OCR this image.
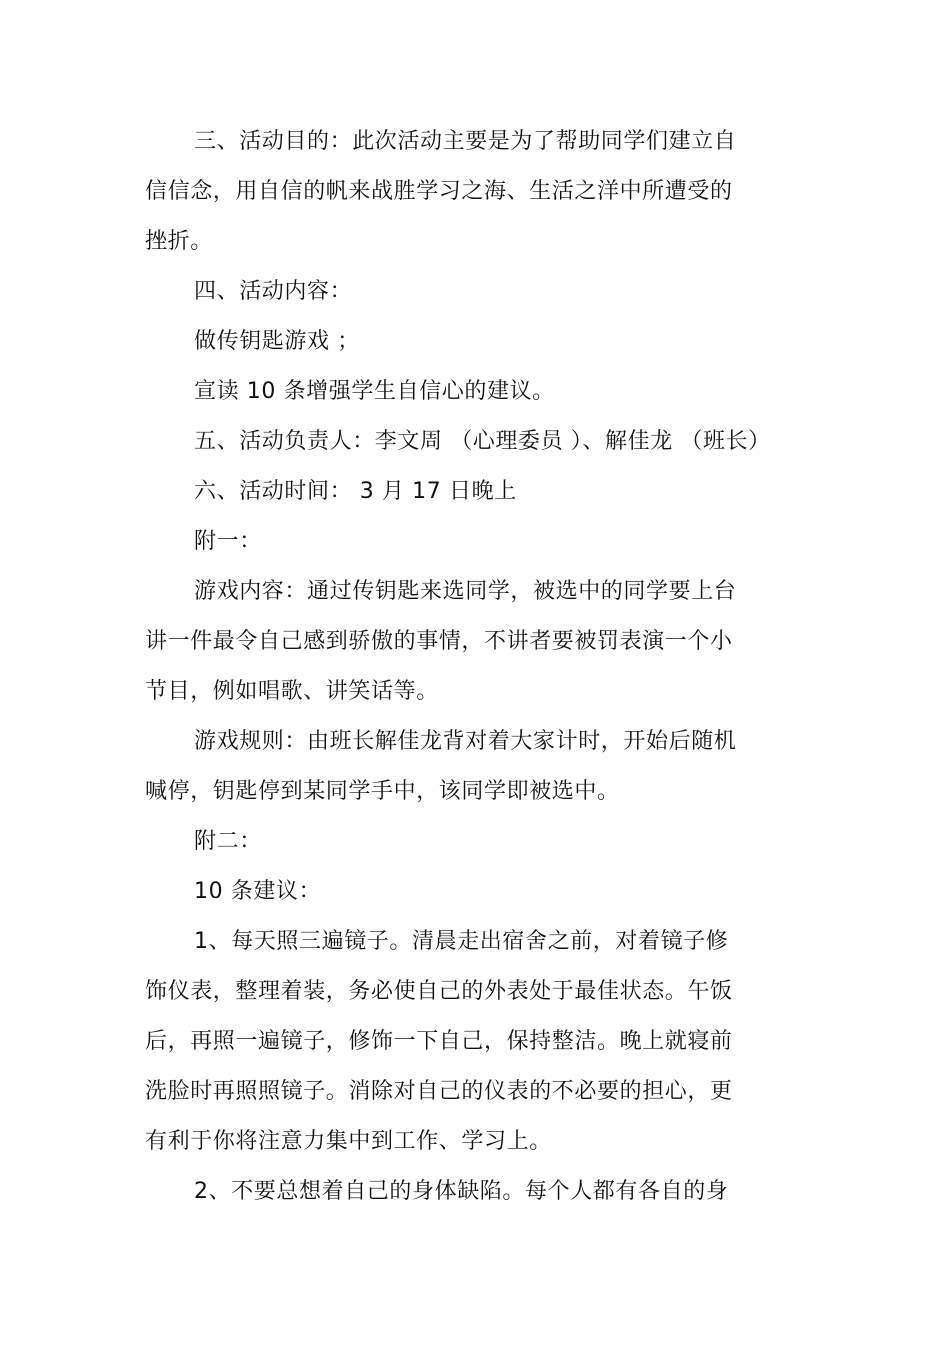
三、活动目的：此次活动主要是为了帮助同学们建立自
信信念，用自信的帆来战胜学习之海、生活之洋中所遭受的
挫折。
四、活动内容：
做传钥匙游戏 ；
宣读 10 条增强学生自信心的建议。
五、活动负责人：李文周 （心理委员 ）、解佳龙 （班长）
六、活动时间： 3 月 17 日晚上
附一：
游戏内容：通过传钥匙来选同学，被选中的同学要上台
讲一件最令自己感到骄傲的事情，不讲者要被罚表演一个小
节目，例如唱歌、讲笑话等。
游戏规则：由班长解佳龙背对着大家计时，开始后随机
喊停，钥匙停到某同学手中，该同学即被选中。
附二：
10 条建议：
1、每天照三遍镜子。清晨走出宿舍之前，对着镜子修
饰仪表，整理着装，务必使自己的外表处于最佳状态。午饭
后，再照一遍镜子，修饰一下自己，保持整洁。晚上就寝前
洗脸时再照照镜子。消除对自己的仪表的不必要的担心，更
有利于你将注意力集中到工作、学习上。
2、不要总想着自己的身体缺陷。每个人都有各自的身
